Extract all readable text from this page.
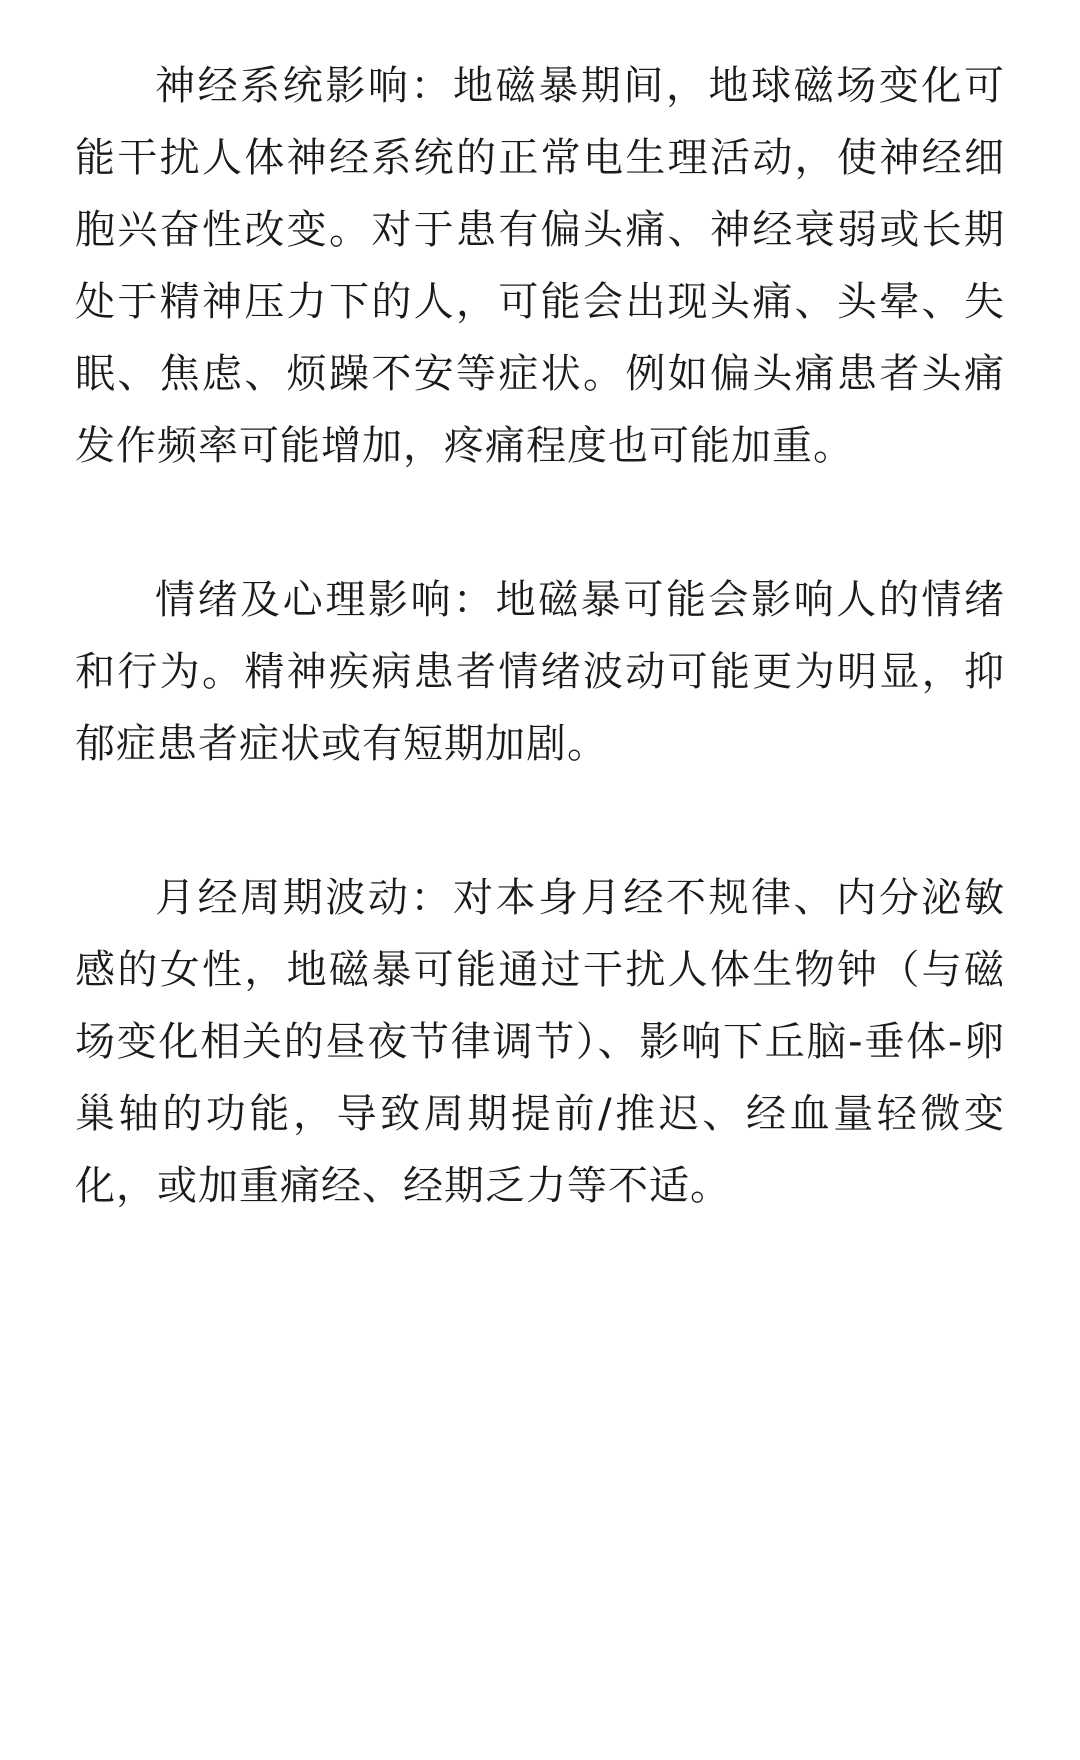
神经系统影响：地磁暴期间，地球磁场变化可能干扰人体神经系统的正常电生理活动，使神经细胞兴奋性改变。对于患有偏头痛、神经衰弱或长期处于精神压力下的人，可能会出现头痛、头晕、失眠、焦虑、烦躁不安等症状。例如偏头痛患者头痛发作频率可能增加，疼痛程度也可能加重。

情绪及心理影响：地磁暴可能会影响人的情绪和行为。精神疾病患者情绪波动可能更为明显，抑郁症患者症状或有短期加剧。

月经周期波动：对本身月经不规律、内分泌敏感的女性，地磁暴可能通过干扰人体生物钟（与磁场变化相关的昼夜节律调节）、影响下丘脑-垂体-卵巢轴的功能，导致周期提前/推迟、经血量轻微变化，或加重痛经、经期乏力等不适。
